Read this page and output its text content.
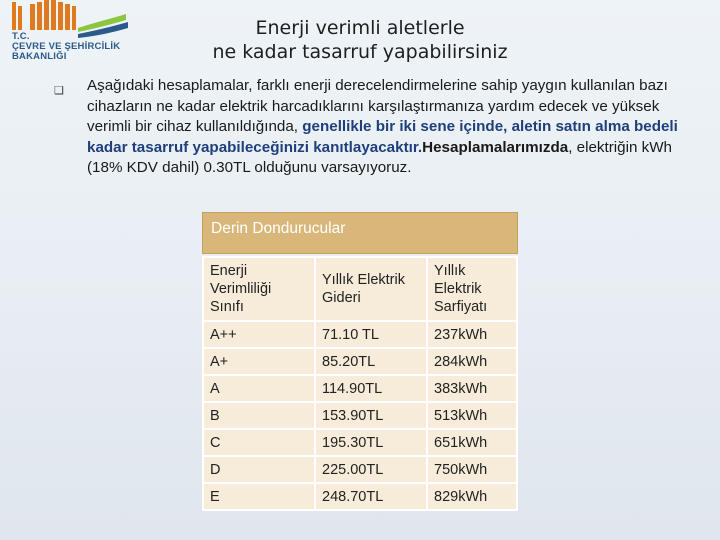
T.C.
ÇEVRE VE ŞEHİRCİLİK
BAKANLIĞI
Enerji verimli aletlerle
ne kadar tasarruf yapabilirsiniz
❑ Aşağıdaki hesaplamalar, farklı enerji derecelendirmelerine sahip yaygın kullanılan bazı cihazların ne kadar elektrik harcadıklarını karşılaştırmanıza yardım edecek ve yüksek verimli bir cihaz kullanıldığında, genellikle bir iki sene içinde, aletin satın alma bedeli kadar tasarruf yapabileceğinizi kanıtlayacaktır.Hesaplamalarımızda, elektriğin kWh (18% KDV dahil) 0.30TL olduğunu varsayıyoruz.
Derin Dondurucular
Enerji Verimliliği Sınıfı	Yıllık Elektrik Gideri	Yıllık Elektrik Sarfiyatı
A++	71.10 TL	237kWh
A+	85.20TL	284kWh
A	114.90TL	383kWh
B	153.90TL	513kWh
C	195.30TL	651kWh
D	225.00TL	750kWh
E	248.70TL	829kWh
